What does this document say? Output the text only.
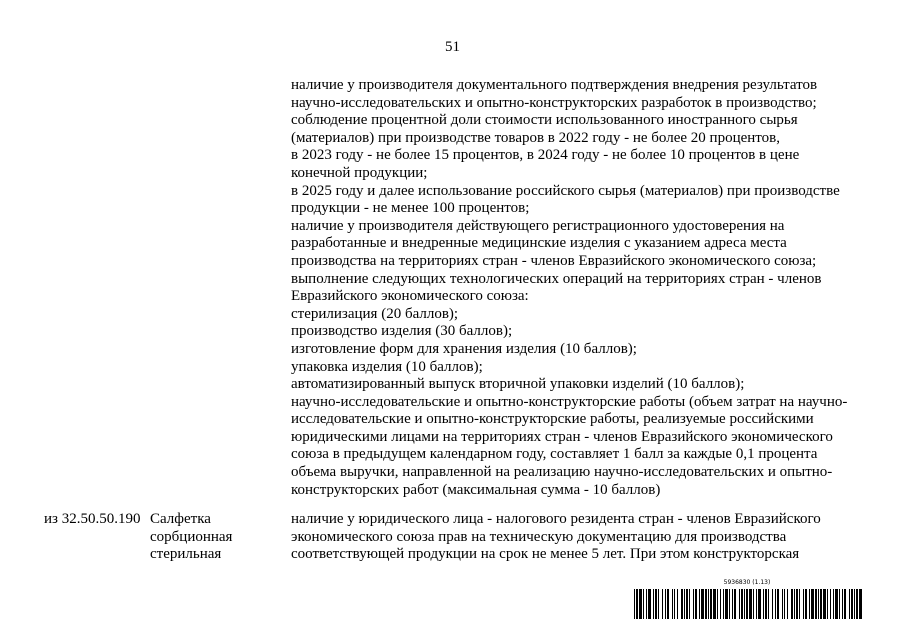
51
наличие у производителя документального подтверждения внедрения результатов
научно-исследовательских и опытно-конструкторских разработок в производство;
соблюдение процентной доли стоимости использованного иностранного сырья
(материалов) при производстве товаров в 2022 году - не более 20 процентов,
в 2023 году - не более 15 процентов, в 2024 году - не более 10 процентов в цене
конечной продукции;
в 2025 году и далее использование российского сырья (материалов) при производстве
продукции - не менее 100 процентов;
наличие у производителя действующего регистрационного удостоверения на
разработанные и внедренные медицинские изделия с указанием адреса места
производства на территориях стран - членов Евразийского экономического союза;
выполнение следующих технологических операций на территориях стран - членов
Евразийского экономического союза:
стерилизация (20 баллов);
производство изделия (30 баллов);
изготовление форм для хранения изделия (10 баллов);
упаковка изделия (10 баллов);
автоматизированный выпуск вторичной упаковки изделий (10 баллов);
научно-исследовательские и опытно-конструкторские работы (объем затрат на научно-
исследовательские и опытно-конструкторские работы, реализуемые российскими
юридическими лицами на территориях стран - членов Евразийского экономического
союза в предыдущем календарном году, составляет 1 балл за каждые 0,1 процента
объема выручки, направленной на реализацию научно-исследовательских и опытно-
конструкторских работ (максимальная сумма - 10 баллов)
из 32.50.50.190 Салфетка
сорбционная
стерильная
наличие у юридического лица - налогового резидента стран - членов Евразийского
экономического союза прав на техническую документацию для производства
соответствующей продукции на срок не менее 5 лет. При этом конструкторская
5936830 (1.13)
